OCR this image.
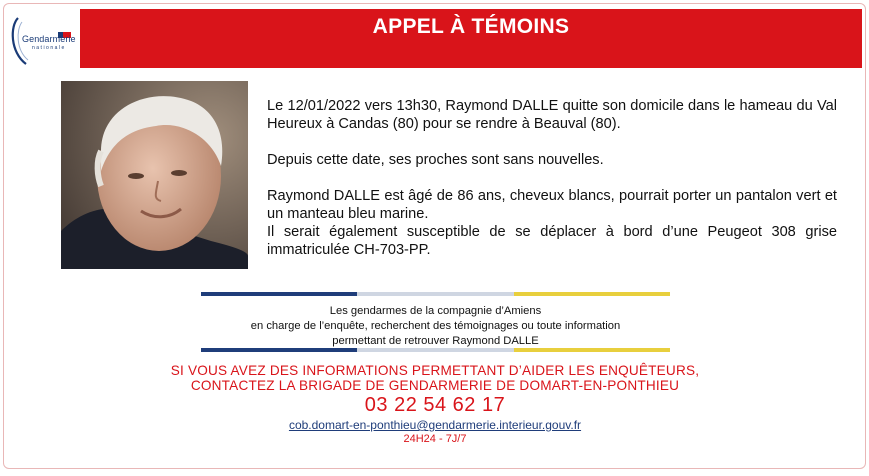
Gendarmerie
nationale
APPEL À TÉMOINS

Le 12/01/2022 vers 13h30, Raymond DALLE quitte son domicile dans le hameau du Val Heureux à Candas (80) pour se rendre à Beauval (80).

Depuis cette date, ses proches sont sans nouvelles.

Raymond DALLE est âgé de 86 ans, cheveux blancs, pourrait porter un pantalon vert et un manteau bleu marine.

Il serait également susceptible de se déplacer à bord d’une Peugeot 308 grise immatriculée CH-703-PP.

Les gendarmes de la compagnie d’Amiens
en charge de l’enquête, recherchent des témoignages ou toute information
permettant de retrouver Raymond DALLE
SI VOUS AVEZ DES INFORMATIONS PERMETTANT D’AIDER LES ENQUÊTEURS,
CONTACTEZ LA BRIGADE DE GENDARMERIE DE DOMART-EN-PONTHIEU
03 22 54 62 17
cob.domart-en-ponthieu@gendarmerie.interieur.gouv.fr
24H24 - 7J/7
